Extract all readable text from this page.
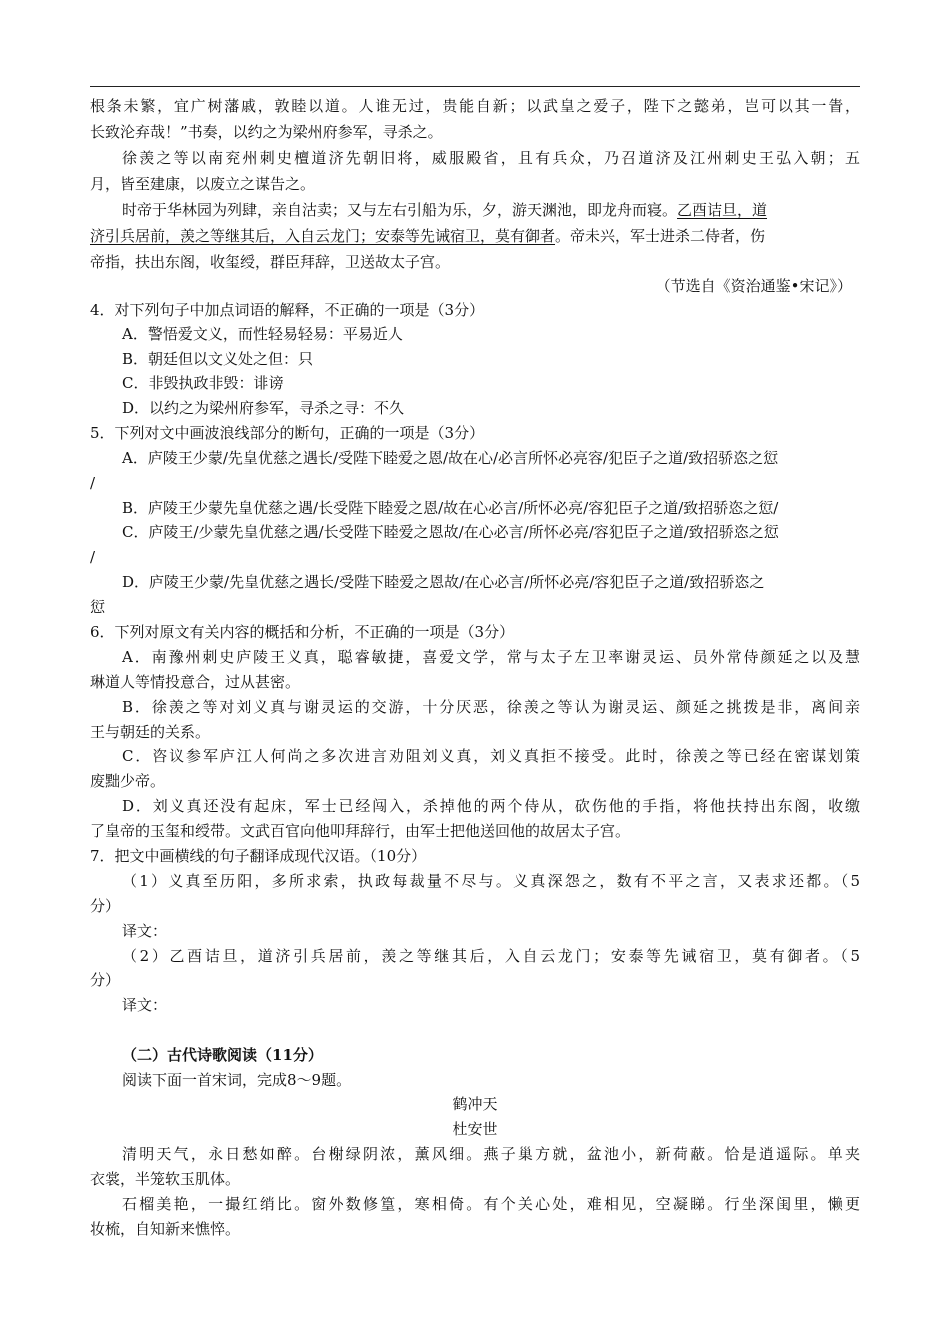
根条未繁，宜广树藩戚，敦睦以道。人谁无过，贵能自新；以武皇之爱子，陛下之懿弟，岂可以其一眚，
长致沦弃哉！”书奏，以约之为梁州府参军，寻杀之。
徐羡之等以南兖州刺史檀道济先朝旧将，威服殿省，且有兵众，乃召道济及江州刺史王弘入朝；五
月，皆至建康，以废立之谋告之。
时帝于华林园为列肆，亲自沽卖；又与左右引船为乐，夕，游天渊池，即龙舟而寝。乙酉诘旦，道
济引兵居前，羡之等继其后，入自云龙门；安泰等先诫宿卫，莫有御者。帝未兴，军士进杀二侍者，伤
帝指，扶出东阁，收玺绶，群臣拜辞，卫送故太子宫。
（节选自《资治通鉴•宋记》）
4．对下列句子中加点词语的解释，不正确的一项是（3分）
A．警悟爱文义，而性轻易轻易：平易近人
B．朝廷但以文义处之但：只
C．非毁执政非毁：诽谤
D．以约之为梁州府参军，寻杀之寻：不久
5．下列对文中画波浪线部分的断句，正确的一项是（3分）
A．庐陵王少蒙/先皇优慈之遇长/受陛下睦爱之恩/故在心/必言所怀必亮容/犯臣子之道/致招骄恣之愆
/
B．庐陵王少蒙先皇优慈之遇/长受陛下睦爱之恩/故在心必言/所怀必亮/容犯臣子之道/致招骄恣之愆/
C．庐陵王/少蒙先皇优慈之遇/长受陛下睦爱之恩故/在心必言/所怀必亮/容犯臣子之道/致招骄恣之愆
/
D．庐陵王少蒙/先皇优慈之遇长/受陛下睦爱之恩故/在心必言/所怀必亮/容犯臣子之道/致招骄恣之
愆
6．下列对原文有关内容的概括和分析，不正确的一项是（3分）
A．南豫州刺史庐陵王义真，聪睿敏捷，喜爱文学，常与太子左卫率谢灵运、员外常侍颜延之以及慧
琳道人等情投意合，过从甚密。
B．徐羡之等对刘义真与谢灵运的交游，十分厌恶，徐羡之等认为谢灵运、颜延之挑拨是非，离间亲
王与朝廷的关系。
C．咨议参军庐江人何尚之多次进言劝阻刘义真，刘义真拒不接受。此时，徐羡之等已经在密谋划策
废黜少帝。
D．刘义真还没有起床，军士已经闯入，杀掉他的两个侍从，砍伤他的手指，将他扶持出东阁，收缴
了皇帝的玉玺和绶带。文武百官向他叩拜辞行，由军士把他送回他的故居太子宫。
7．把文中画横线的句子翻译成现代汉语。（10分）
（1）义真至历阳，多所求索，执政每裁量不尽与。义真深怨之，数有不平之言，又表求还都。（5
分）
译文：
（2）乙酉诘旦，道济引兵居前，羡之等继其后，入自云龙门；安泰等先诫宿卫，莫有御者。（5
分）
译文：
（二）古代诗歌阅读（11分）
阅读下面一首宋词，完成8～9题。
鹤冲天
杜安世
清明天气，永日愁如醉。台榭绿阴浓，薰风细。燕子巢方就，盆池小，新荷蔽。恰是逍遥际。单夹
衣裳，半笼软玉肌体。
石榴美艳，一撮红绡比。窗外数修篁，寒相倚。有个关心处，难相见，空凝睇。行坐深闺里，懒更
妆梳，自知新来憔悴。
